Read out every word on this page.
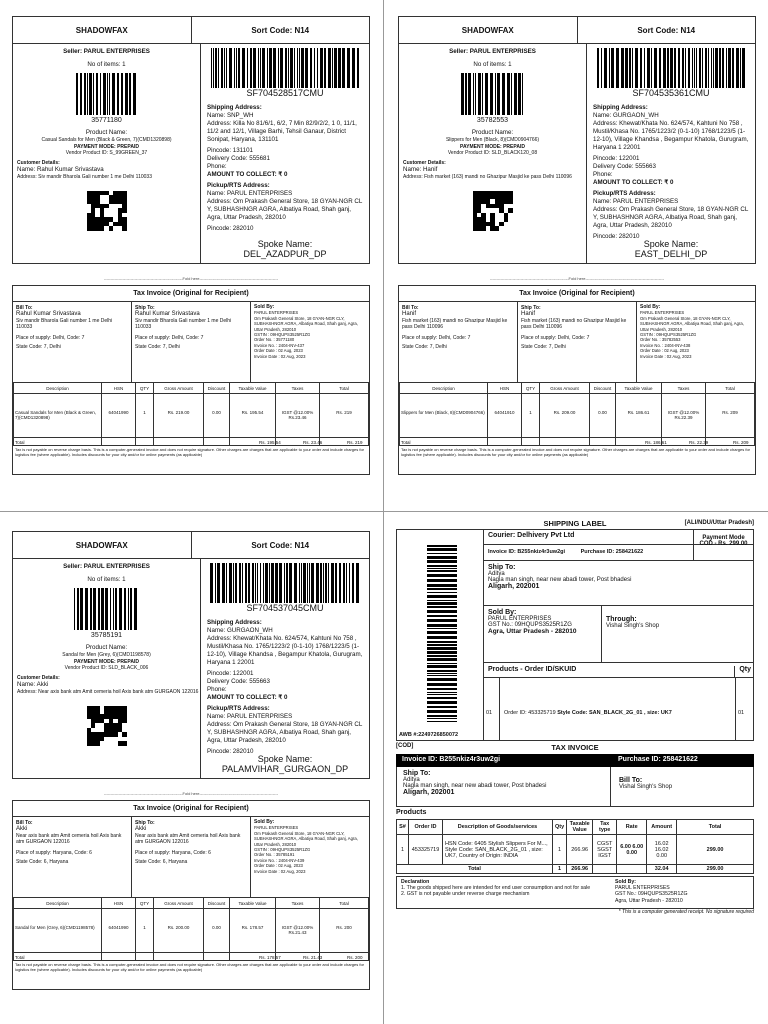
SHADOWFAX	Sort Code: N14
Seller: PARUL ENTERPRISES
No of items: 1
35771180
Product Name:
Casual Sandals for Men (Black & Green, 7)(CMD1320898)
PAYMENT MODE: PREPAID
Vendor Product ID: S_99GREEN_37
Customer Details:
Name: Rahul Kumar Srivastava
Address: Siv mandir Bharola Gali number 1 me Delhi 110033
SF704528517CMU
Shipping Address:
Name: SNP_WH
Address: Killa No 81/6/1, 6/2, 7 Min 82/9/2/2, 1 0, 11/1, 11/2 and 12/1, Village Barhi, Tehsil Ganaur, District Sonipat, Haryana, 131101
Pincode: 131101
Delivery Code: 555681
Phone:
AMOUNT TO COLLECT: ₹ 0
Pickup/RTS Address:
Name: PARUL ENTERPRISES
Address: Om Prakash General Store, 18 GYAN-NGR CL Y, SUBHASHNGR AGRA, Albatiya Road, Shah ganj, Agra, Uttar Pradesh, 282010
Pincode: 282010
Spoke Name:
DEL_AZADPUR_DP
-----------------------------------------------------------Fold here-----------------------------------------------------------
Tax Invoice (Original for Recipient)
Bill To:
Rahul Kumar Srivastava
Siv mandir Bharola Gali number 1 me Delhi 110033
Place of supply: Delhi, Code: 7
State Code: 7, Delhi
Ship To:
Rahul Kumar Srivastava
Siv mandir Bharola Gali number 1 me Delhi 110033
Place of supply: Delhi, Code: 7
State Code: 7, Delhi
Sold By:
PARUL ENTERPRISES
Om Prakash General Store, 18 GYAN-NGR CLY, SUBHASHNGR AGRA, Albatiya Road, Shah ganj, Agra, Uttar Pradesh, 282010
GSTIN : 09HQUPS3525R1ZG
Order No. : 35771180
Invoice No. : 2404-INV-437
Order Date : 02 Aug, 2023
Invoice Date : 02 Aug, 2023
Description	HSN	QTY	Gross Amount	Discount	Taxable Value	Taxes	Total
Casual Sandals for Men (Black & Green, 7)(CMD1320898)	64041990	1	Rs. 219.00	0.00	Rs. 195.54	IGST @12.00% Rs.23.46	Rs. 219
Total	Rs. 195.54	Rs. 23.46	Rs. 219
Tax is not payable on reverse charge basis. This is a computer-generated invoice and does not require signature. Other charges are charges that are applicable to your order and include charges for logistics fee (where applicable). Includes discounts for your city and/or for online payments (as applicable)
SHADOWFAX	Sort Code: N14
Seller: PARUL ENTERPRISES
No of items: 1
35782553
Product Name:
Slippers for Men (Black, 8)(CMD0904766)
PAYMENT MODE: PREPAID
Vendor Product ID: SLD_BLACK120_08
Customer Details:
Name: Hanif
Address: Fish market (163) mandi no Ghazipur Masjid ke pass Delhi 110096
SF704535361CMU
Shipping Address:
Name: GURGAON_WH
Address: Khewat/Khata No. 624/574, Kahtuni No 758 , Mustil/Khasa No. 1765/1223/2 (0-1-10) 1768/1223/5 (1-12-10), Village Khandsa , Begampur Khatola, Gurugram, Haryana 1 22001
Pincode: 122001
Delivery Code: 555663
Phone:
AMOUNT TO COLLECT: ₹ 0
Pickup/RTS Address:
Name: PARUL ENTERPRISES
Address: Om Prakash General Store, 18 GYAN-NGR CL Y, SUBHASHNGR AGRA, Albatiya Road, Shah ganj, Agra, Uttar Pradesh, 282010
Pincode: 282010
Spoke Name:
EAST_DELHI_DP
-----------------------------------------------------------Fold here-----------------------------------------------------------
Tax Invoice (Original for Recipient)
Bill To:
Hanif
Fish market (163) mandi no Ghazipur Masjid ke pass Delhi 110096
Place of supply: Delhi, Code: 7
State Code: 7, Delhi
Ship To:
Hanif
Fish market (163) mandi no Ghazipur Masjid ke pass Delhi 110096
Place of supply: Delhi, Code: 7
State Code: 7, Delhi
Sold By:
PARUL ENTERPRISES
Om Prakash General Store, 18 GYAN-NGR CLY, SUBHASHNGR AGRA, Albatiya Road, Shah ganj, Agra, Uttar Pradesh, 282010
GSTIN : 09HQUPS3525R1ZG
Order No. : 35782553
Invoice No. : 2404-INV-438
Order Date : 02 Aug, 2023
Invoice Date : 02 Aug, 2023
Description	HSN	QTY	Gross Amount	Discount	Taxable Value	Taxes	Total
Slippers for Men (Black, 8)(CMD0904766)	64041910	1	Rs. 209.00	0.00	Rs. 186.61	IGST @12.00% Rs.22.39	Rs. 209
Total	Rs. 186.61	Rs. 22.39	Rs. 209
Tax is not payable on reverse charge basis. This is a computer-generated invoice and does not require signature. Other charges are charges that are applicable to your order and include charges for logistics fee (where applicable). Includes discounts for your city and/or for online payments (as applicable)
SHADOWFAX	Sort Code: N14
Seller: PARUL ENTERPRISES
No of items: 1
35785191
Product Name:
Sandal for Men (Grey, 6)(CMD1198578)
PAYMENT MODE: PREPAID
Vendor Product ID: SLD_BLACK_006
Customer Details:
Name: Akki
Address: Near axis bank atm Amit cemeria hoil Axis bank atm GURGAON 122016
SF704537045CMU
Shipping Address:
Name: GURGAON_WH
Address: Khewat/Khata No. 624/574, Kahtuni No 758 , Mustil/Khasa No. 1765/1223/2 (0-1-10) 1768/1223/5 (1-12-10), Village Khandsa , Begampur Khatola, Gurugram, Haryana 1 22001
Pincode: 122001
Delivery Code: 555663
Phone:
AMOUNT TO COLLECT: ₹ 0
Pickup/RTS Address:
Name: PARUL ENTERPRISES
Address: Om Prakash General Store, 18 GYAN-NGR CL Y, SUBHASHNGR AGRA, Albatiya Road, Shah ganj, Agra, Uttar Pradesh, 282010
Pincode: 282010
Spoke Name:
PALAMVIHAR_GURGAON_DP
-----------------------------------------------------------Fold here-----------------------------------------------------------
Tax Invoice (Original for Recipient)
Bill To:
Akki
Near axis bank atm Amit cemeria hoil Axis bank atm GURGAON 122016
Place of supply: Haryana, Code: 6
State Code: 6, Haryana
Ship To:
Akki
Near axis bank atm Amit cemeria hoil Axis bank atm GURGAON 122016
Place of supply: Haryana, Code: 6
State Code: 6, Haryana
Sold By:
PARUL ENTERPRISES
Om Prakash General Store, 18 GYAN-NGR CLY, SUBHASHNGR AGRA, Albatiya Road, Shah ganj, Agra, Uttar Pradesh, 282010
GSTIN : 09HQUPS3525R1ZG
Order No. : 35785191
Invoice No. : 2404-INV-439
Order Date : 02 Aug, 2023
Invoice Date : 02 Aug, 2023
Description	HSN	QTY	Gross Amount	Discount	Taxable Value	Taxes	Total
Sandal for Men (Grey, 6)(CMD1198578)	64041990	1	Rs. 200.00	0.00	Rs. 178.57	IGST @12.00% Rs.21.43	Rs. 200
Total	Rs. 178.57	Rs. 21.43	Rs. 200
Tax is not payable on reverse charge basis. This is a computer-generated invoice and does not require signature. Other charges are charges that are applicable to your order and include charges for logistics fee (where applicable). Includes discounts for your city and/or for online payments (as applicable)
SHIPPING LABEL	[ALI/NDU/Uttar Pradesh]
AWB #:2249726850072
Courier: Delhivery Pvt Ltd	Payment Mode
COD - Rs. 299.00
Invoice ID: B255nkiz4r3uw2gi	Purchase ID: 258421622
Ship To:
Aditya
Nagla man singh, near new abadi tower, Post bhadesi
Aligarh, 202001
Sold By:
PARUL ENTERPRISES
GST No.: 09HQUPS3525R1ZG
Agra, Uttar Pradesh - 282010
Through:
Vishal Singh's Shop
Products - Order ID/SKUID	Qty
01	Order ID: 453325719 Style Code: SAN_BLACK_2G_01 , size: UK7	01
[COD]	TAX INVOICE
Invoice ID: B255nkiz4r3uw2gi	Purchase ID: 258421622
Ship To:
Aditya
Nagla man singh, near new abadi tower, Post bhadesi
Aligarh, 202001
Bill To:
Vishal Singh's Shop
Products
S#	Order ID	Description of Goods/services	Qty	Taxable Value	Tax type	Rate	Amount	Total
1	453325719	HSN Code: 6405 Stylish Slippers For M..., Style Code: SAN_BLACK_2G_01 , size: UK7, Country of Origin: INDIA	1	266.96	CGST SGST IGST	6.00 6.00 0.00	16.02 16.02 0.00	299.00
Total			1	266.96			32.04	299.00
Declaration
1. The goods shipped here are intended for end user consumption and not for sale
2. GST is not payable under reverse charge mechanism
Sold By:
PARUL ENTERPRISES
GST No.: 09HQUPS3525R1ZG
Agra, Uttar Pradesh - 282010
* This is a computer generated receipt. No signature required
